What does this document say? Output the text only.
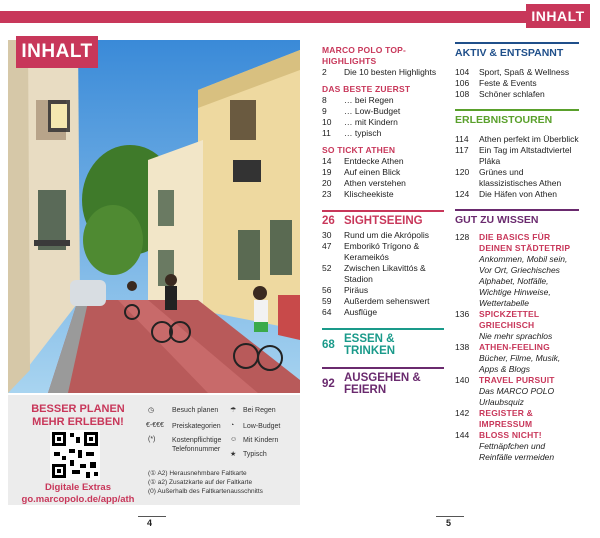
INHALT
INHALT
BESSER PLANEN
MEHR ERLEBEN!
Digitale Extras
go.marcopolo.de/app/ath
◷	Besuch planen
€-€€€ Preiskategorien
(*) Kostenpflichtige Telefonnummer
☂ Bei Regen
◔ Low-Budget
☺ Mit Kindern
★ Typisch
(① A2) Herausnehmbare Faltkarte
(① a2) Zusatzkarte auf der Faltkarte
(0) Außerhalb des Faltkartenausschnitts
4	5
MARCO POLO TOP-HIGHLIGHTS
2	Die 10 besten Highlights
DAS BESTE ZUERST
8	… bei Regen
9	… Low-Budget
10	… mit Kindern
11	… typisch
SO TICKT ATHEN
14	Entdecke Athen
19	Auf einen Blick
20	Athen verstehen
23	Klischeekiste
26 SIGHTSEEING
30	Rund um die Akrópolis
47	Emborikó Trígono & Kerameikós
52	Zwischen Likavittós & Stadion
56	Piräus
59	Außerdem sehenswert
64	Ausflüge
68 ESSEN & TRINKEN
92 AUSGEHEN & FEIERN
AKTIV & ENTSPANNT
104	Sport, Spaß & Wellness
106	Feste & Events
108	Schöner schlafen
ERLEBNISTOUREN
114	Athen perfekt im Überblick
117	Ein Tag im Altstadtviertel Pláka
120	Grünes und klassizistisches Athen
124	Die Häfen von Athen
GUT ZU WISSEN
128	DIE BASICS FÜR DEINEN STÄDTETRIP
Ankommen, Mobil sein, Vor Ort, Griechisches Alphabet, Notfälle, Wichtige Hinweise, Wettertabelle
136	SPICKZETTEL GRIECHISCH
Nie mehr sprachlos
138	ATHEN-FEELING
Bücher, Filme, Musik, Apps & Blogs
140	TRAVEL PURSUIT
Das MARCO POLO Urlaubsquiz
142	REGISTER & IMPRESSUM
144	BLOSS NICHT!
Fettnäpfchen und Reinfälle vermeiden
